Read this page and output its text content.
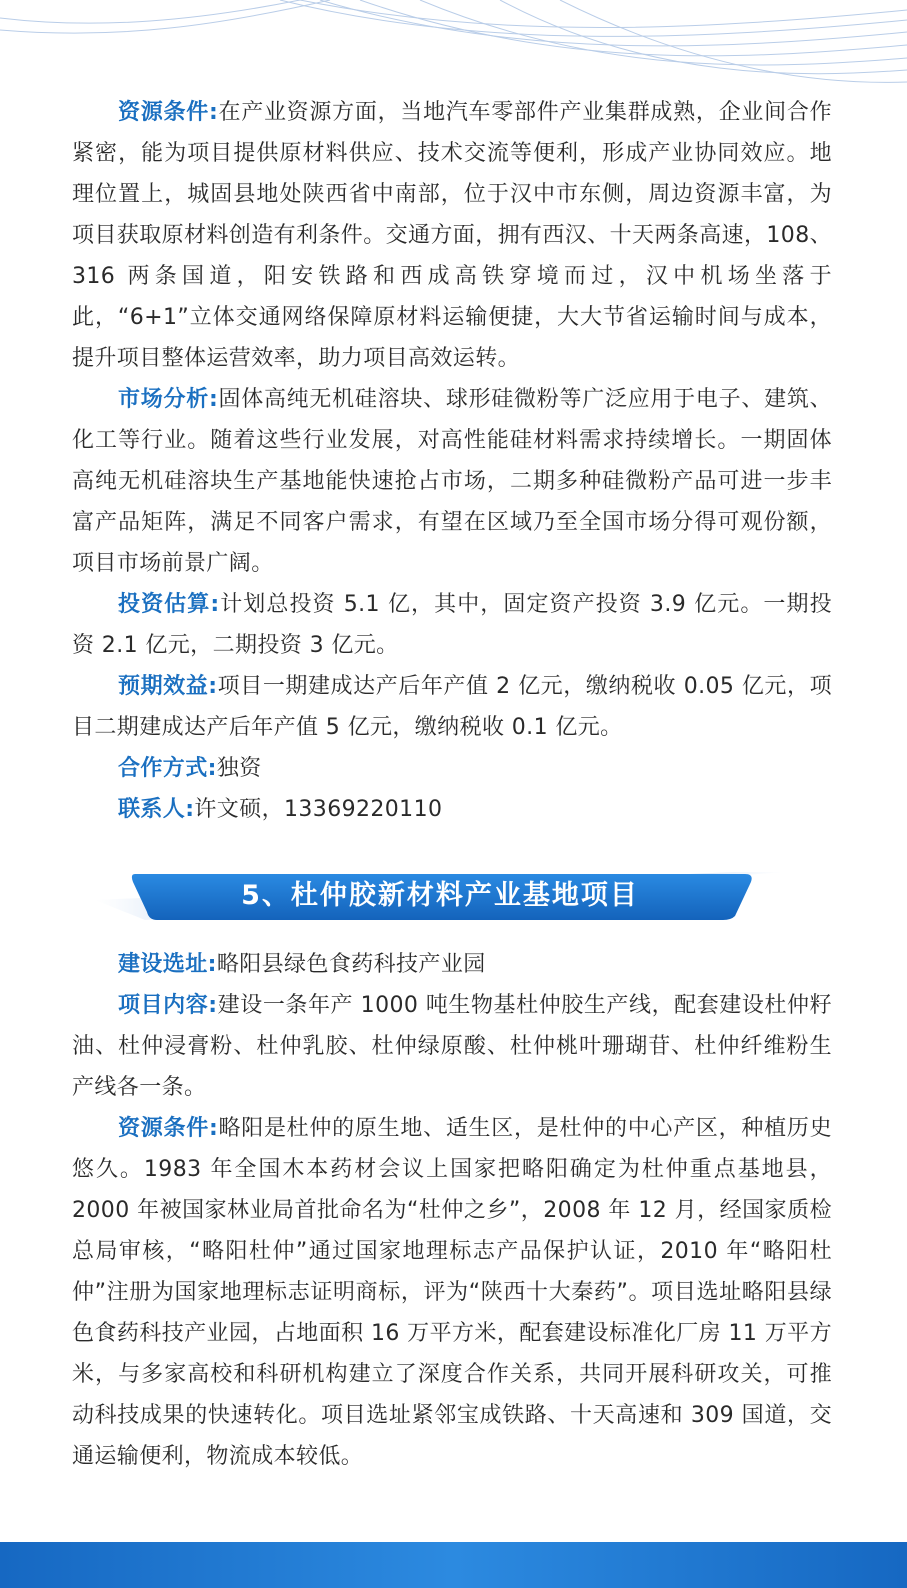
资源条件:在产业资源方面，当地汽车零部件产业集群成熟，企业间合作紧密，能为项目提供原材料供应、技术交流等便利，形成产业协同效应。地理位置上，城固县地处陕西省中南部，位于汉中市东侧，周边资源丰富，为项目获取原材料创造有利条件。交通方面，拥有西汉、十天两条高速，108、316 两条国道，阳安铁路和西成高铁穿境而过，汉中机场坐落于此，“6+1”立体交通网络保障原材料运输便捷，大大节省运输时间与成本，提升项目整体运营效率，助力项目高效运转。

市场分析:固体高纯无机硅溶块、球形硅微粉等广泛应用于电子、建筑、化工等行业。随着这些行业发展，对高性能硅材料需求持续增长。一期固体高纯无机硅溶块生产基地能快速抢占市场，二期多种硅微粉产品可进一步丰富产品矩阵，满足不同客户需求，有望在区域乃至全国市场分得可观份额，项目市场前景广阔。

投资估算:计划总投资 5.1 亿，其中，固定资产投资 3.9 亿元。一期投资 2.1 亿元，二期投资 3 亿元。

预期效益:项目一期建成达产后年产值 2 亿元，缴纳税收 0.05 亿元，项目二期建成达产后年产值 5 亿元，缴纳税收 0.1 亿元。

合作方式:独资

联系人:许文硕，13369220110

5、杜仲胶新材料产业基地项目

建设选址:略阳县绿色食药科技产业园

项目内容:建设一条年产 1000 吨生物基杜仲胶生产线，配套建设杜仲籽油、杜仲浸膏粉、杜仲乳胶、杜仲绿原酸、杜仲桃叶珊瑚苷、杜仲纤维粉生产线各一条。

资源条件:略阳是杜仲的原生地、适生区，是杜仲的中心产区，种植历史悠久。1983 年全国木本药材会议上国家把略阳确定为杜仲重点基地县，2000 年被国家林业局首批命名为“杜仲之乡”，2008 年 12 月，经国家质检总局审核，“略阳杜仲”通过国家地理标志产品保护认证，2010 年“略阳杜仲”注册为国家地理标志证明商标，评为“陕西十大秦药”。项目选址略阳县绿色食药科技产业园，占地面积 16 万平方米，配套建设标准化厂房 11 万平方米，与多家高校和科研机构建立了深度合作关系，共同开展科研攻关，可推动科技成果的快速转化。项目选址紧邻宝成铁路、十天高速和 309 国道，交通运输便利，物流成本较低。
